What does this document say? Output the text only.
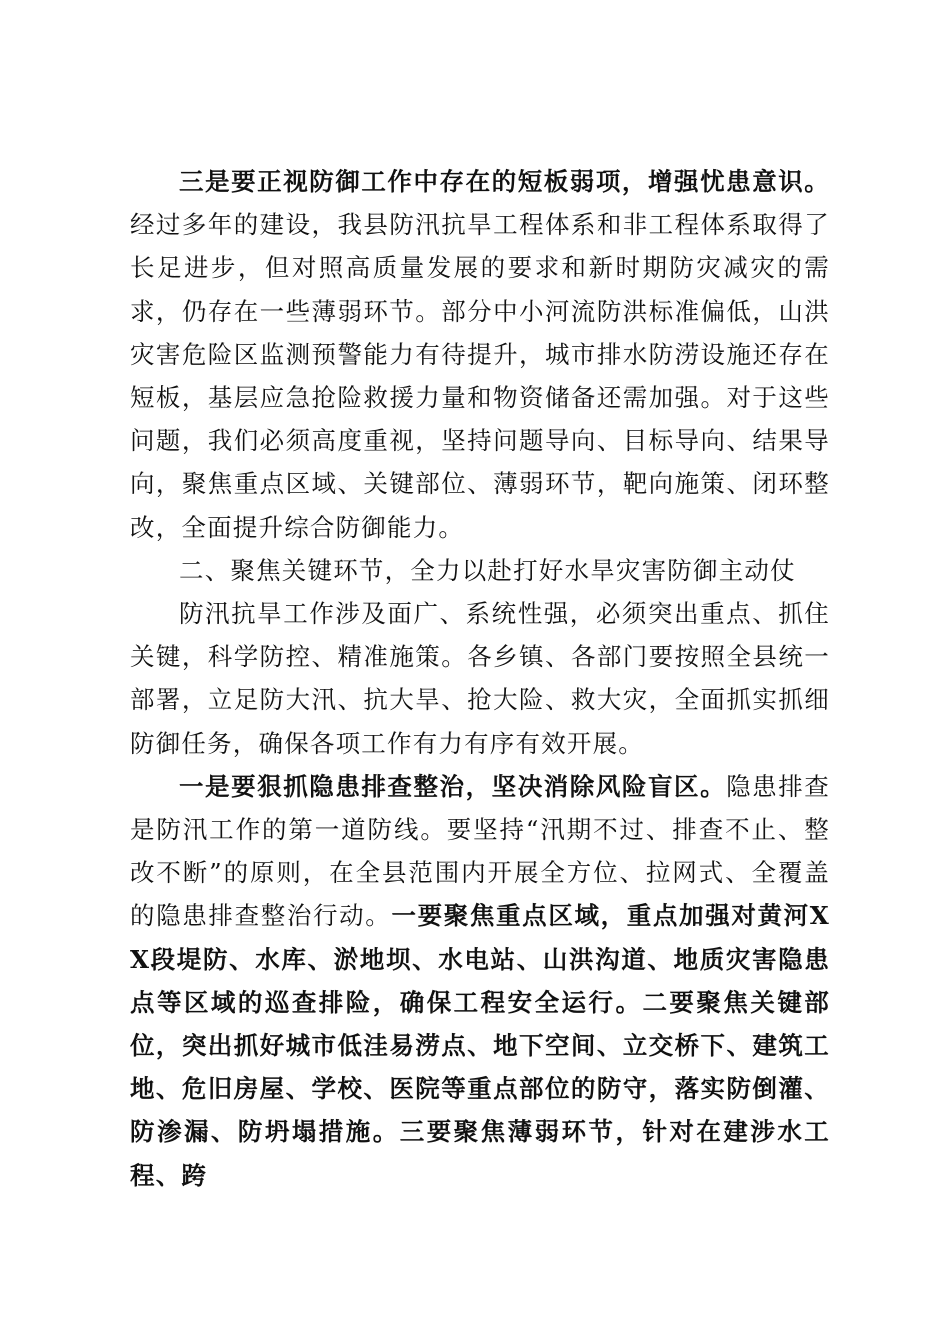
三是要正视防御工作中存在的短板弱项，增强忧患意识。经过多年的建设，我县防汛抗旱工程体系和非工程体系取得了长足进步，但对照高质量发展的要求和新时期防灾减灾的需求，仍存在一些薄弱环节。部分中小河流防洪标准偏低，山洪灾害危险区监测预警能力有待提升，城市排水防涝设施还存在短板，基层应急抢险救援力量和物资储备还需加强。对于这些问题，我们必须高度重视，坚持问题导向、目标导向、结果导向，聚焦重点区域、关键部位、薄弱环节，靶向施策、闭环整改，全面提升综合防御能力。

二、聚焦关键环节，全力以赴打好水旱灾害防御主动仗

防汛抗旱工作涉及面广、系统性强，必须突出重点、抓住关键，科学防控、精准施策。各乡镇、各部门要按照全县统一部署，立足防大汛、抗大旱、抢大险、救大灾，全面抓实抓细防御任务，确保各项工作有力有序有效开展。

一是要狠抓隐患排查整治，坚决消除风险盲区。隐患排查是防汛工作的第一道防线。要坚持“汛期不过、排查不止、整改不断”的原则，在全县范围内开展全方位、拉网式、全覆盖的隐患排查整治行动。一要聚焦重点区域，重点加强对黄河XX段堤防、水库、淤地坝、水电站、山洪沟道、地质灾害隐患点等区域的巡查排险，确保工程安全运行。二要聚焦关键部位，突出抓好城市低洼易涝点、地下空间、立交桥下、建筑工地、危旧房屋、学校、医院等重点部位的防守，落实防倒灌、防渗漏、防坍塌措施。三要聚焦薄弱环节，针对在建涉水工程、跨
